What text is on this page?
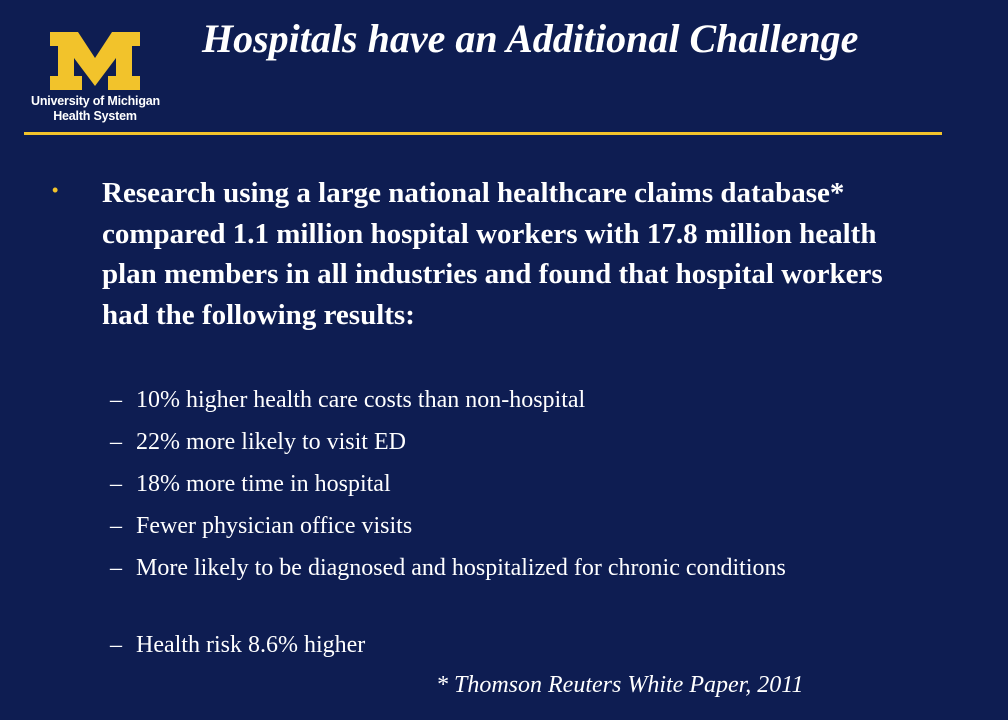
University of Michigan
Health System
Hospitals have an Additional Challenge
• Research using a large national healthcare claims database* compared 1.1 million hospital workers with 17.8 million health plan members in all industries and found that hospital workers had the following results:

– 10% higher health care costs than non-hospital
– 22% more likely to visit ED
– 18% more time in hospital
– Fewer physician office visits
– More likely to be diagnosed and hospitalized for chronic conditions
– Health risk 8.6% higher

* Thomson Reuters White Paper, 2011
